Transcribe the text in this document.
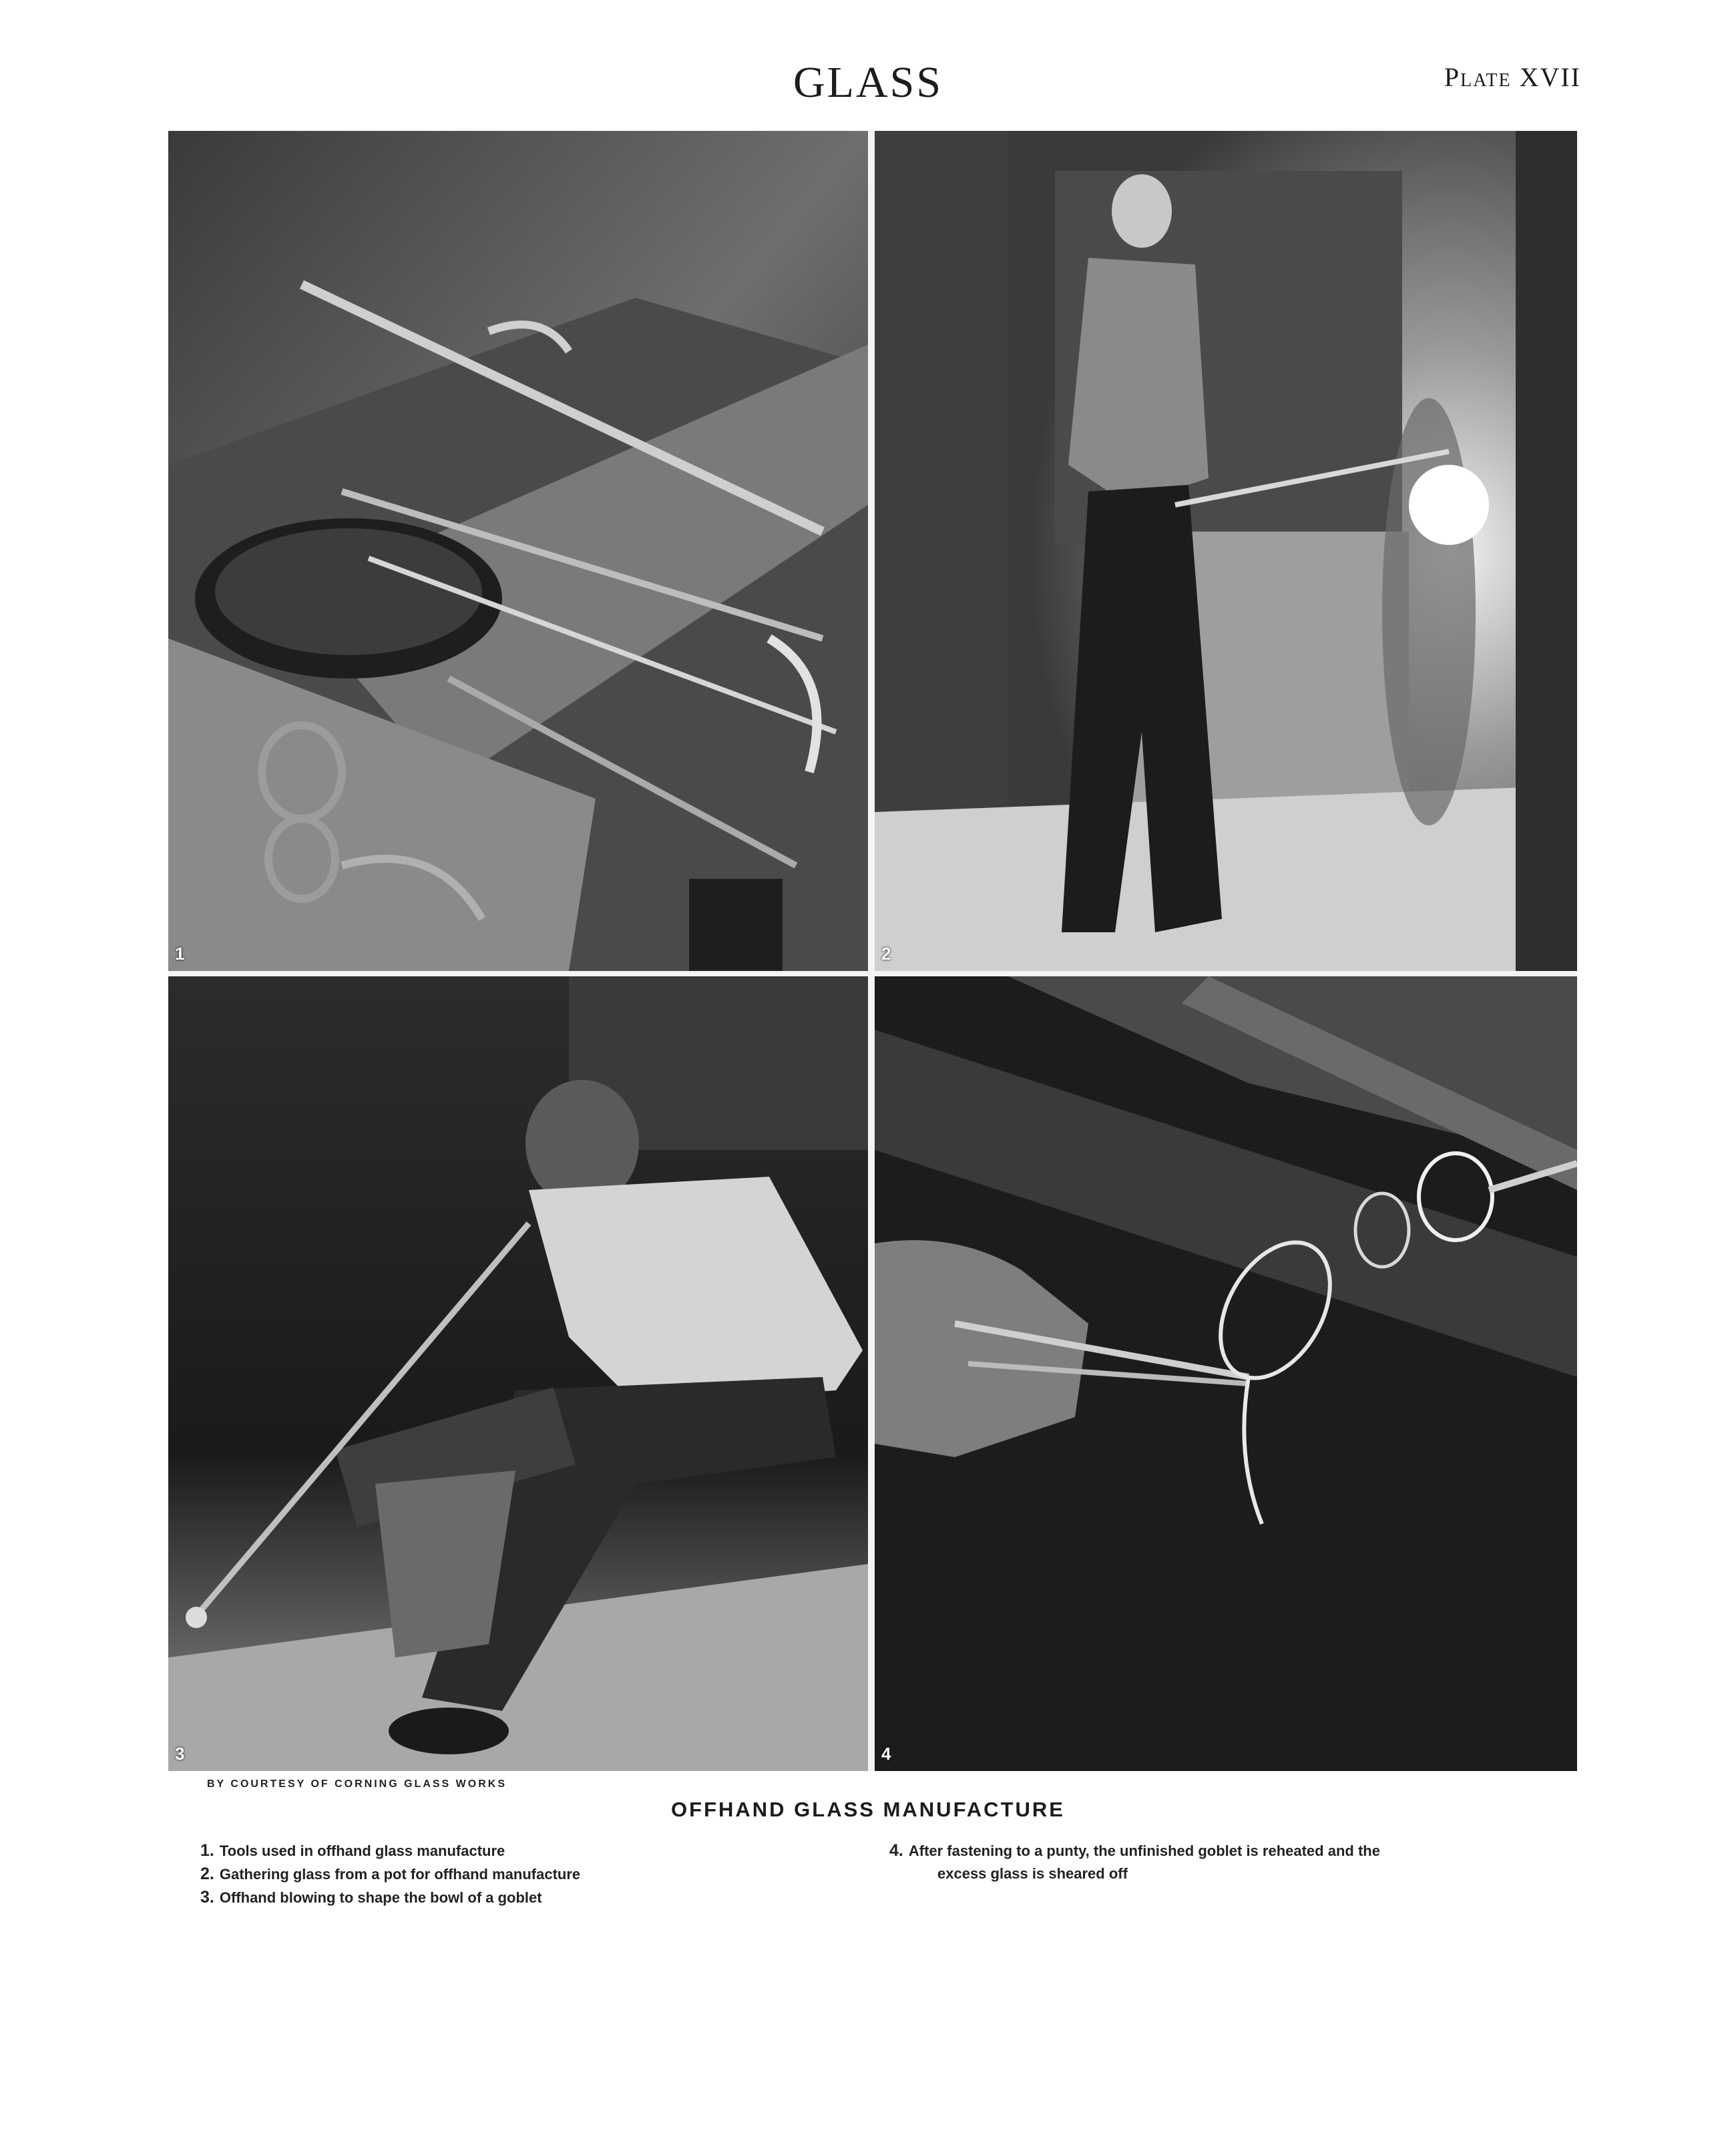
GLASS	Plate XVII
1	2
3	4
BY COURTESY OF CORNING GLASS WORKS
OFFHAND GLASS MANUFACTURE
1. Tools used in offhand glass manufacture
2. Gathering glass from a pot for offhand manufacture
3. Offhand blowing to shape the bowl of a goblet
4. After fastening to a punty, the unfinished goblet is reheated and the
excess glass is sheared off
